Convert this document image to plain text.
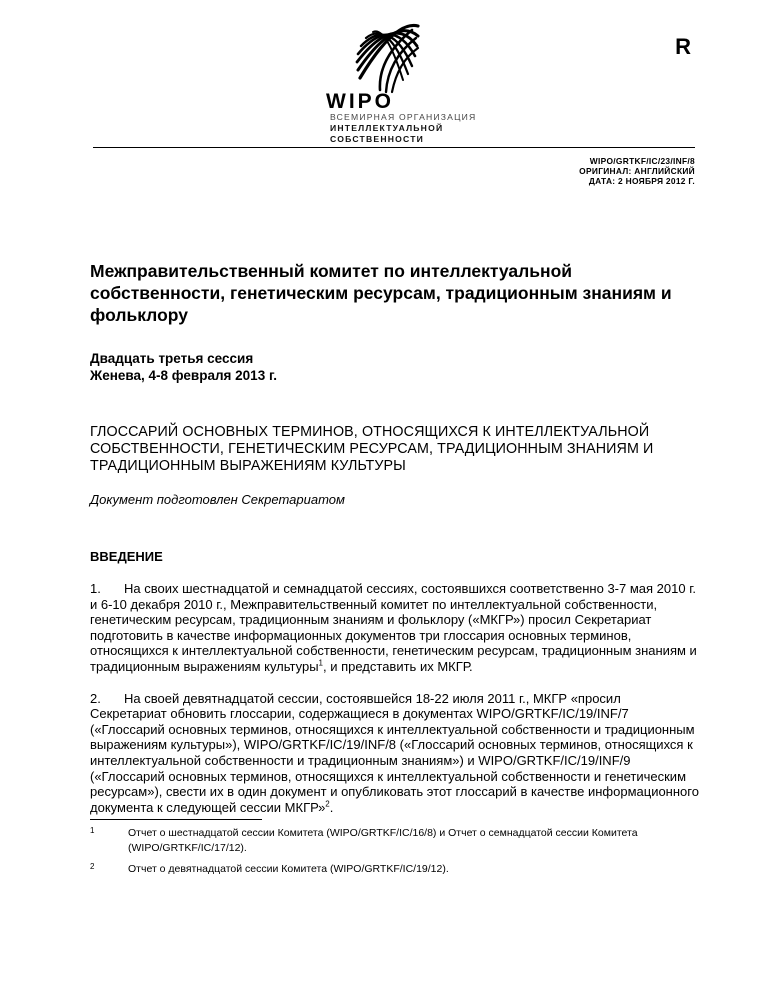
R
WIPO
ВСЕМИРНАЯ ОРГАНИЗАЦИЯ
ИНТЕЛЛЕКТУАЛЬНОЙ
СОБСТВЕННОСТИ
WIPO/GRTKF/IC/23/INF/8
ОРИГИНАЛ: АНГЛИЙСКИЙ
ДАТА: 2 НОЯБРЯ 2012 Г.
Межправительственный комитет по интеллектуальной собственности, генетическим ресурсам, традиционным знаниям и фольклору
Двадцать третья сессия
Женева, 4-8 февраля 2013 г.
ГЛОССАРИЙ ОСНОВНЫХ ТЕРМИНОВ, ОТНОСЯЩИХСЯ К ИНТЕЛЛЕКТУАЛЬНОЙ СОБСТВЕННОСТИ, ГЕНЕТИЧЕСКИМ РЕСУРСАМ, ТРАДИЦИОННЫМ ЗНАНИЯМ И ТРАДИЦИОННЫМ ВЫРАЖЕНИЯМ КУЛЬТУРЫ
Документ подготовлен Секретариатом
ВВЕДЕНИЕ
1. На своих шестнадцатой и семнадцатой сессиях, состоявшихся соответственно 3-7 мая 2010 г. и 6-10 декабря 2010 г., Межправительственный комитет по интеллектуальной собственности, генетическим ресурсам, традиционным знаниям и фольклору («МКГР») просил Секретариат подготовить в качестве информационных документов три глоссария основных терминов, относящихся к интеллектуальной собственности, генетическим ресурсам, традиционным знаниям и традиционным выражениям культуры$^1$, и представить их МКГР.
2. На своей девятнадцатой сессии, состоявшейся 18-22 июля 2011 г., МКГР «просил Секретариат обновить глоссарии, содержащиеся в документах WIPO/GRTKF/IC/19/INF/7 («Глоссарий основных терминов, относящихся к интеллектуальной собственности и традиционным выражениям культуры»), WIPO/GRTKF/IC/19/INF/8 («Глоссарий основных терминов, относящихся к интеллектуальной собственности и традиционным знаниям») и WIPO/GRTKF/IC/19/INF/9 («Глоссарий основных терминов, относящихся к интеллектуальной собственности и генетическим ресурсам»), свести их в один документ и опубликовать этот глоссарий в качестве информационного документа к следующей сессии МКГР»$^2$.
1	Отчет о шестнадцатой сессии Комитета (WIPO/GRTKF/IC/16/8) и Отчет о семнадцатой сессии Комитета (WIPO/GRTKF/IC/17/12).
2	Отчет о девятнадцатой сессии Комитета (WIPO/GRTKF/IC/19/12).
